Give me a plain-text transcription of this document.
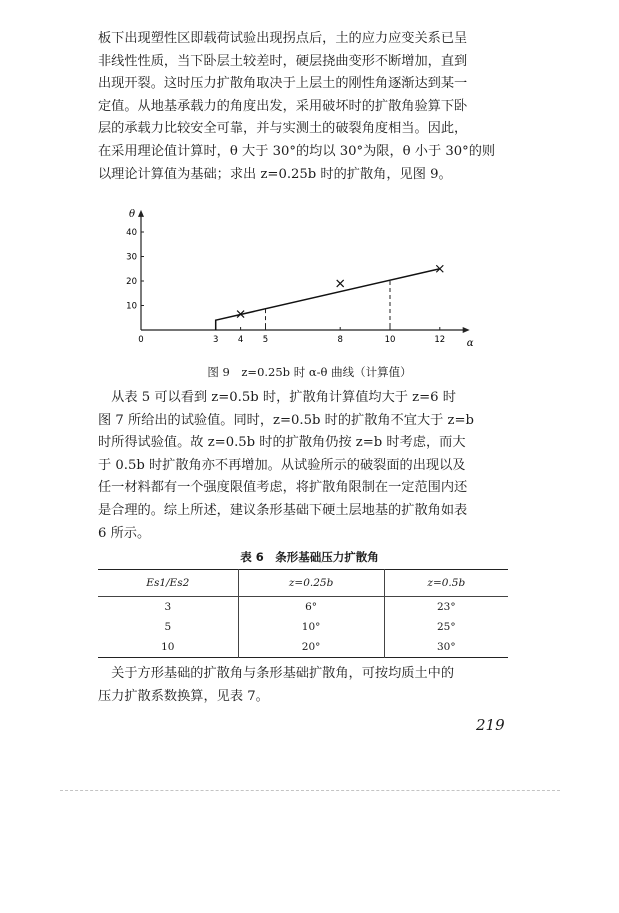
板下出现塑性区即载荷试验出现拐点后，土的应力应变关系已呈
非线性性质，当下卧层土较差时，硬层挠曲变形不断增加，直到
出现开裂。这时压力扩散角取决于上层土的刚性角逐渐达到某一
定值。从地基承载力的角度出发，采用破坏时的扩散角验算下卧
层的承载力比较安全可靠，并与实测土的破裂角度相当。因此，
在采用理论值计算时，θ 大于 30°的均以 30°为限，θ 小于 30°的则
以理论计算值为基础；求出 z=0.25b 时的扩散角，见图 9。
α
θ
0	3 4 5	8	10	12
10
20
30
40
图 9　z=0.25b 时 α-θ 曲线（计算值）
　从表 5 可以看到 z=0.5b 时，扩散角计算值均大于 z=6 时
图 7 所给出的试验值。同时，z=0.5b 时的扩散角不宜大于 z=b
时所得试验值。故 z=0.5b 时的扩散角仍按 z=b 时考虑，而大
于 0.5b 时扩散角亦不再增加。从试验所示的破裂面的出现以及
任一材料都有一个强度限值考虑，将扩散角限制在一定范围内还
是合理的。综上所述，建议条形基础下硬土层地基的扩散角如表
6 所示。
表 6　条形基础压力扩散角
Es1/Es2	z=0.25b	z=0.5b
3	6°	23°
5	10°	25°
10	20°	30°
　关于方形基础的扩散角与条形基础扩散角，可按均质土中的
压力扩散系数换算，见表 7。
219
